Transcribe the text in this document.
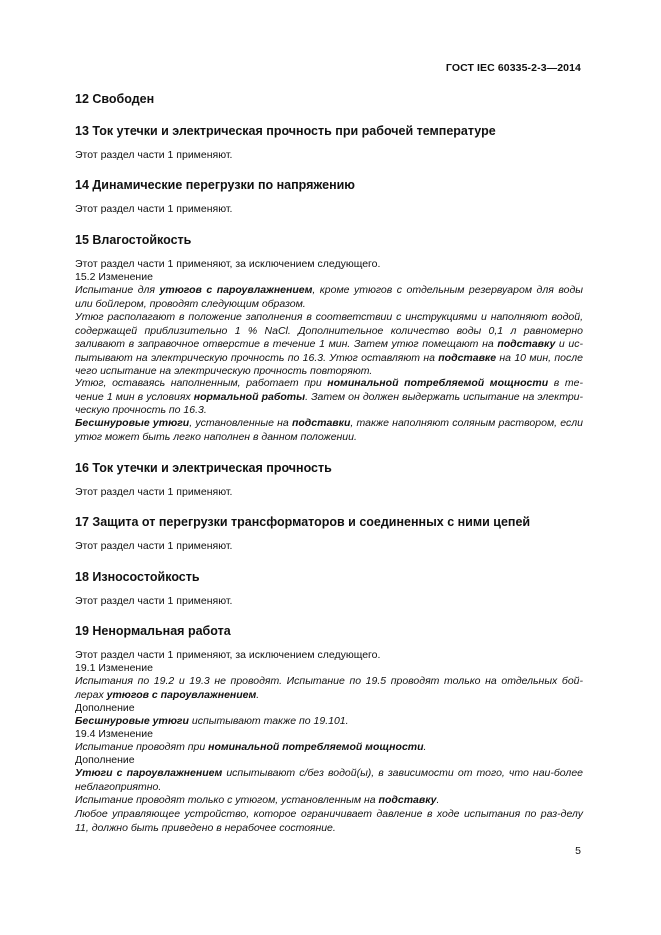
ГОСТ IEC 60335-2-3—2014
12 Свободен
13 Ток утечки и электрическая прочность при рабочей температуре

Этот раздел части 1 применяют.

14 Динамические перегрузки по напряжению

Этот раздел части 1 применяют.

15 Влагостойкость

Этот раздел части 1 применяют, за исключением следующего.

15.2 Изменение

Испытание для утюгов с пароувлажнением, кроме утюгов с отдельным резервуаром для воды или бойлером, проводят следующим образом.

Утюг располагают в положение заполнения в соответствии с инструкциями и наполняют водой, содержащей приблизительно 1 % NaCl. Дополнительное количество воды 0,1 л равномерно заливают в заправочное отверстие в течение 1 мин. Затем утюг помещают на подставку и ис-пытывают на электрическую прочность по 16.3. Утюг оставляют на подставке на 10 мин, после чего испытание на электрическую прочность повторяют.

Утюг, оставаясь наполненным, работает при номинальной потребляемой мощности в те-чение 1 мин в условиях нормальной работы. Затем он должен выдержать испытание на электри-ческую прочность по 16.3.

Бесшнуровые утюги, установленные на подставки, также наполняют соляным раствором, если утюг может быть легко наполнен в данном положении.

16 Ток утечки и электрическая прочность

Этот раздел части 1 применяют.

17 Защита от перегрузки трансформаторов и соединенных с ними цепей

Этот раздел части 1 применяют.

18 Износостойкость

Этот раздел части 1 применяют.

19 Ненормальная работа

Этот раздел части 1 применяют, за исключением следующего.

19.1 Изменение

Испытания по 19.2 и 19.3 не проводят. Испытание по 19.5 проводят только на отдельных бой-лерах утюгов с пароувлажнением.

Дополнение

Бесшнуровые утюги испытывают также по 19.101.

19.4 Изменение

Испытание проводят при номинальной потребляемой мощности.

Дополнение

Утюги с пароувлажнением испытывают с/без водой(ы), в зависимости от того, что наи-более неблагоприятно.

Испытание проводят только с утюгом, установленным на подставку.

Любое управляющее устройство, которое ограничивает давление в ходе испытания по раз-делу 11, должно быть приведено в нерабочее состояние.

5
